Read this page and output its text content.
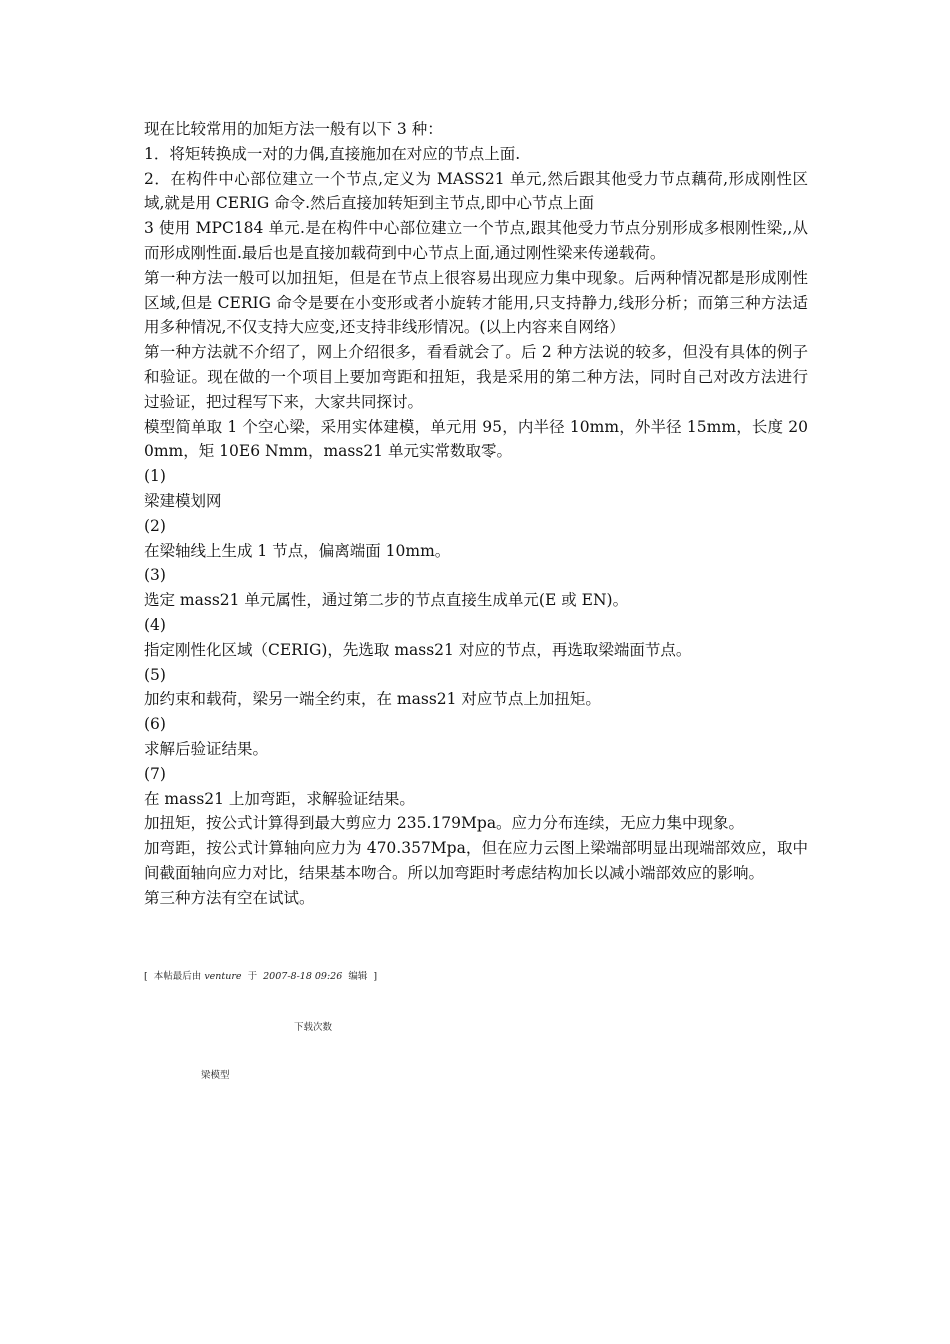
现在比较常用的加矩方法一般有以下 3 种：

1．将矩转换成一对的力偶,直接施加在对应的节点上面.

2．在构件中心部位建立一个节点,定义为 MASS21 单元,然后跟其他受力节点藕荷,形成刚性区域,就是用 CERIG 命令.然后直接加转矩到主节点,即中心节点上面

3 使用 MPC184 单元.是在构件中心部位建立一个节点,跟其他受力节点分别形成多根刚性梁,,从而形成刚性面.最后也是直接加载荷到中心节点上面,通过刚性梁来传递载荷。

第一种方法一般可以加扭矩，但是在节点上很容易出现应力集中现象。后两种情况都是形成刚性区域,但是 CERIG 命令是要在小变形或者小旋转才能用,只支持静力,线形分析；而第三种方法适用多种情况,不仅支持大应变,还支持非线形情况。(以上内容来自网络）

第一种方法就不介绍了，网上介绍很多，看看就会了。后 2 种方法说的较多，但没有具体的例子和验证。现在做的一个项目上要加弯距和扭矩，我是采用的第二种方法，同时自己对改方法进行过验证，把过程写下来，大家共同探讨。

模型简单取 1 个空心梁，采用实体建模，单元用 95，内半径 10mm，外半径 15mm，长度 200mm，矩 10E6 Nmm，mass21 单元实常数取零。

(1)

梁建模划网

(2)

在梁轴线上生成 1 节点，偏离端面 10mm。

(3)

选定 mass21 单元属性，通过第二步的节点直接生成单元(E 或 EN)。

(4)

指定刚性化区域（CERIG)，先选取 mass21 对应的节点，再选取梁端面节点。

(5)

加约束和载荷，梁另一端全约束，在 mass21 对应节点上加扭矩。

(6)

求解后验证结果。

(7)

在 mass21 上加弯距，求解验证结果。

加扭矩，按公式计算得到最大剪应力 235.179Mpa。应力分布连续，无应力集中现象。

加弯距，按公式计算轴向应力为 470.357Mpa，但在应力云图上梁端部明显出现端部效应，取中间截面轴向应力对比，结果基本吻合。所以加弯距时考虑结构加长以减小端部效应的影响。

第三种方法有空在试试。

[ 本帖最后由 venture 于 2007-8-18 09:26 编辑 ]
下载次数
梁模型
